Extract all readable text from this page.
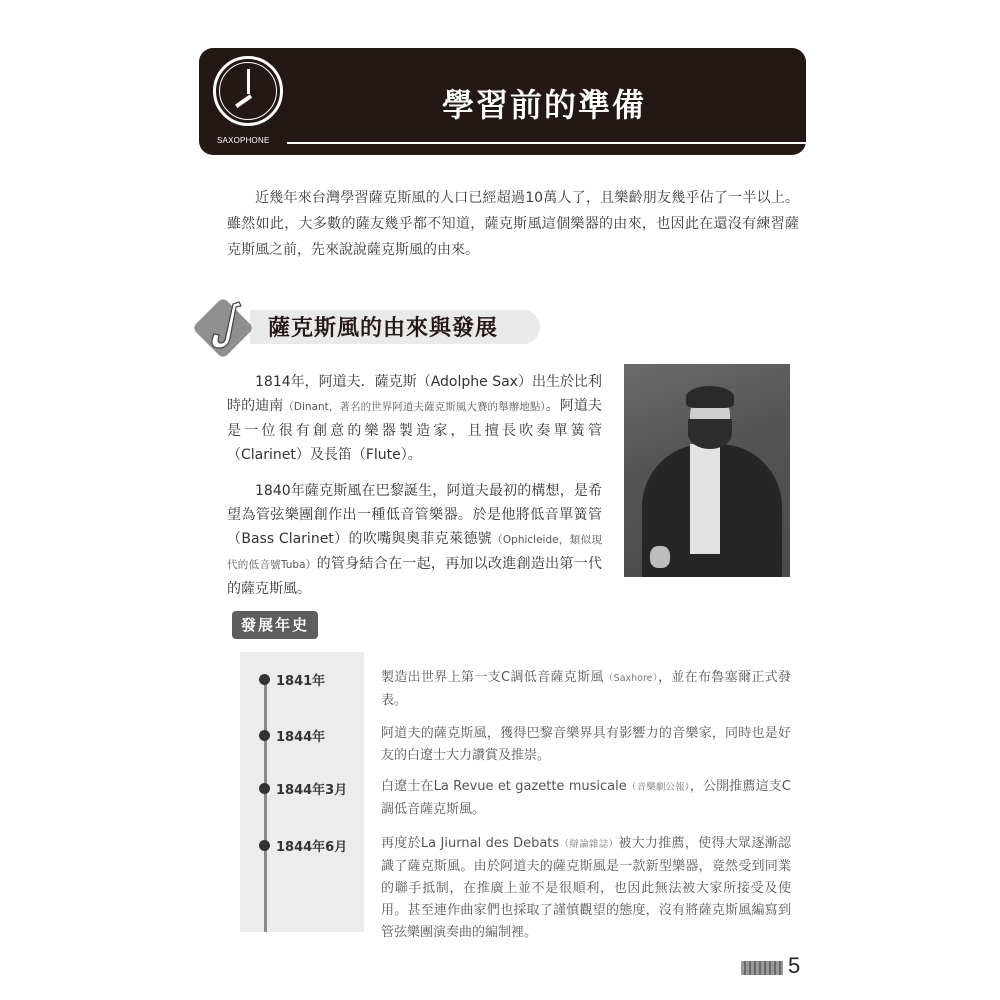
SAXOPHONE
學習前的準備

近幾年來台灣學習薩克斯風的人口已經超過10萬人了，且樂齡朋友幾乎佔了一半以上。雖然如此，大多數的薩友幾乎都不知道，薩克斯風這個樂器的由來，也因此在還沒有練習薩克斯風之前，先來說說薩克斯風的由來。

薩克斯風的由來與發展

1814年，阿道夫．薩克斯（Adolphe Sax）出生於比利時的迪南（Dinant，著名的世界阿道夫薩克斯風大賽的舉辦地點）。阿道夫是一位很有創意的樂器製造家，且擅長吹奏單簧管（Clarinet）及長笛（Flute）。

1840年薩克斯風在巴黎誕生，阿道夫最初的構想，是希望為管弦樂團創作出一種低音管樂器。於是他將低音單簧管（Bass Clarinet）的吹嘴與奧菲克萊德號（Ophicleide，類似現代的低音號Tuba）的管身結合在一起，再加以改進創造出第一代的薩克斯風。

發展年史
1841年	製造出世界上第一支C調低音薩克斯風（Saxhore），並在布魯塞爾正式發表。
1844年	阿道夫的薩克斯風，獲得巴黎音樂界具有影響力的音樂家，同時也是好友的白遼士大力讚賞及推崇。
1844年3月	白遼士在La Revue et gazette musicale（音樂劇公報），公開推薦這支C調低音薩克斯風。
1844年6月	再度於La Jiurnal des Debats（辯論雜誌）被大力推薦，使得大眾逐漸認識了薩克斯風。由於阿道夫的薩克斯風是一款新型樂器，竟然受到同業的聯手抵制，在推廣上並不是很順利，也因此無法被大家所接受及使用。甚至連作曲家們也採取了謹慎觀望的態度，沒有將薩克斯風編寫到管弦樂團演奏曲的編制裡。
5
